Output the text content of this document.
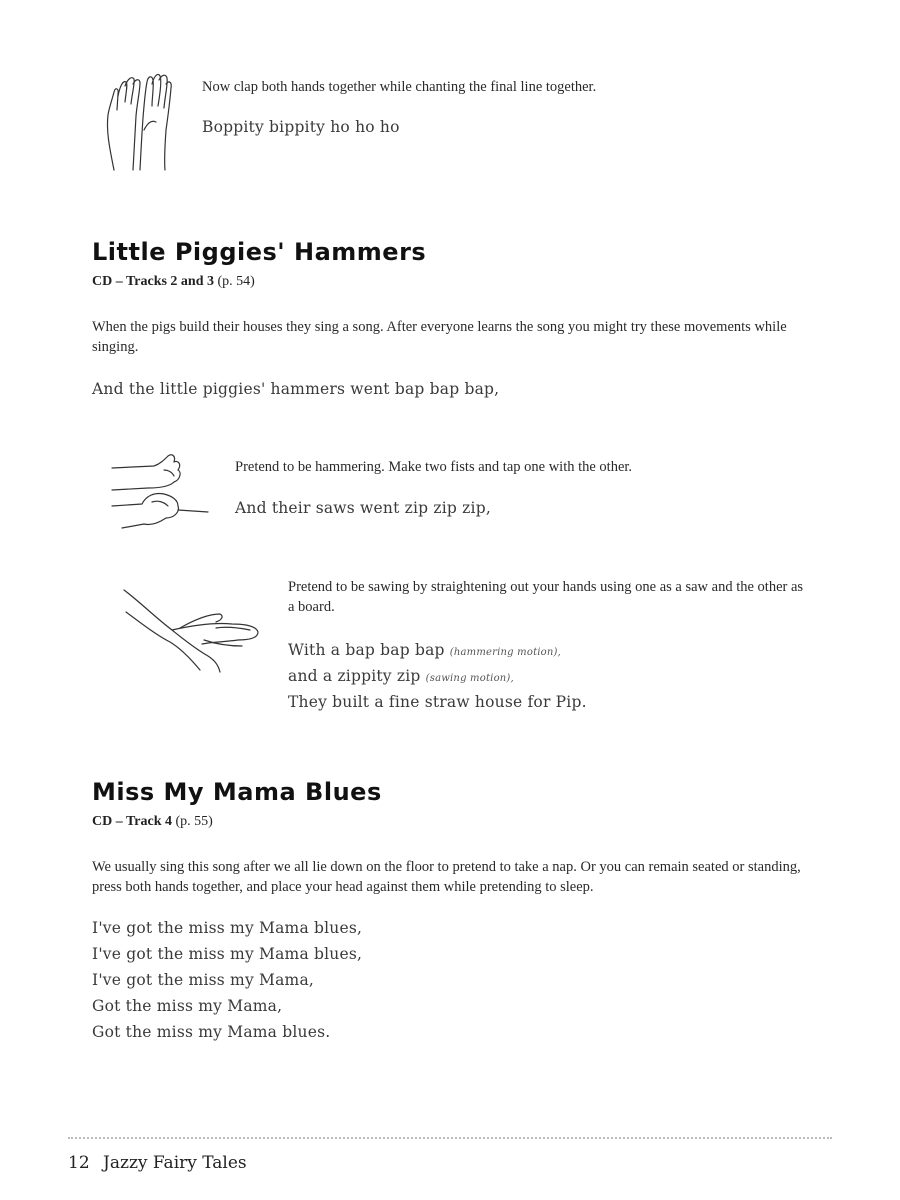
Now clap both hands together while chanting the final line together.
Boppity bippity ho ho ho
Little Piggies' Hammers
CD – Tracks 2 and 3 (p. 54)
When the pigs build their houses they sing a song. After everyone learns the song you might try these movements while singing.
And the little piggies' hammers went bap bap bap,
Pretend to be hammering. Make two fists and tap one with the other.
And their saws went zip zip zip,
Pretend to be sawing by straightening out your hands using one as a saw and the other as a board.
With a bap bap bap (hammering motion),
and a zippity zip (sawing motion),
They built a fine straw house for Pip.
Miss My Mama Blues
CD – Track 4 (p. 55)
We usually sing this song after we all lie down on the floor to pretend to take a nap. Or you can remain seated or standing, press both hands together, and place your head against them while pretending to sleep.
I've got the miss my Mama blues,
I've got the miss my Mama blues,
I've got the miss my Mama,
Got the miss my Mama,
Got the miss my Mama blues.
12 Jazzy Fairy Tales
